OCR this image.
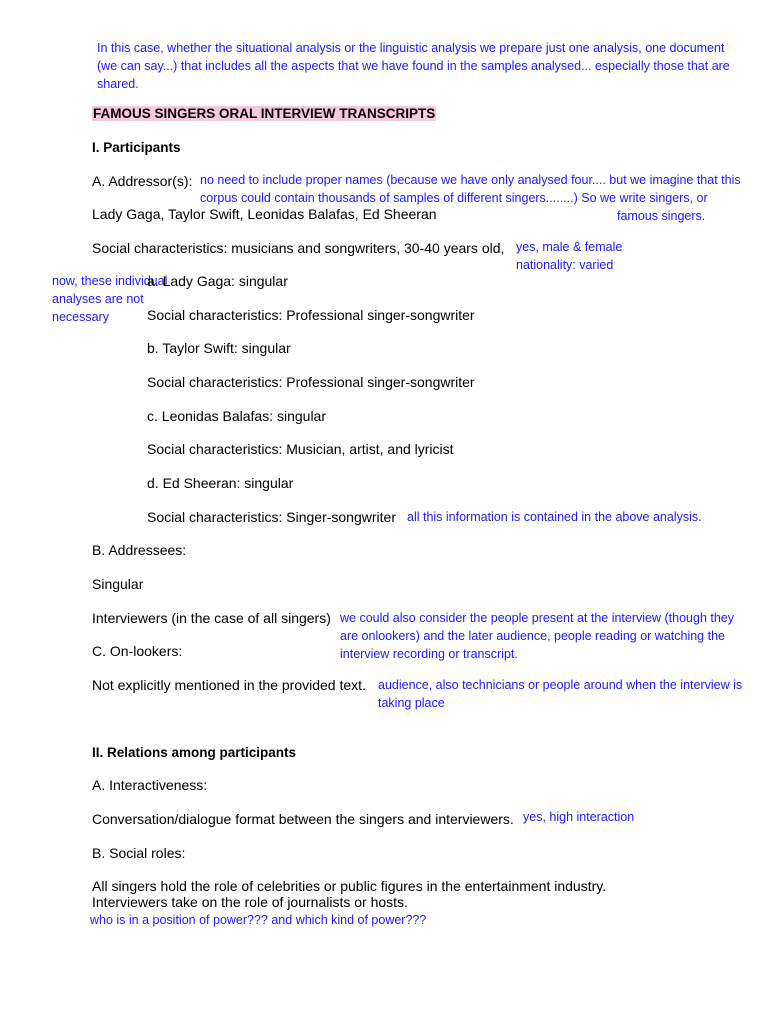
In this case, whether the situational analysis or the linguistic analysis we prepare just one analysis, one document
(we can say...) that includes all the aspects that we have found in the samples analysed... especially those that are
shared.
FAMOUS SINGERS ORAL INTERVIEW TRANSCRIPTS
I. Participants
A. Addressor(s): no need to include proper names (because we have only analysed four.... but we imagine that this
corpus could contain thousands of samples of different singers........) So we write singers, or
famous singers.
Lady Gaga, Taylor Swift, Leonidas Balafas, Ed Sheeran
Social characteristics: musicians and songwriters, 30-40 years old, yes, male & female
nationality: varied
now, these individual
analyses are not
necessary
a. Lady Gaga: singular
Social characteristics: Professional singer-songwriter
b. Taylor Swift: singular
Social characteristics: Professional singer-songwriter
c. Leonidas Balafas: singular
Social characteristics: Musician, artist, and lyricist
d. Ed Sheeran: singular
Social characteristics: Singer-songwriter all this information is contained in the above analysis.
B. Addressees:
Singular
Interviewers (in the case of all singers) we could also consider the people present at the interview (though they
are onlookers) and the later audience, people reading or watching the
interview recording or transcript.
C. On-lookers:
Not explicitly mentioned in the provided text. audience, also technicians or people around when the interview is
taking place
II. Relations among participants
A. Interactiveness:
Conversation/dialogue format between the singers and interviewers. yes, high interaction
B. Social roles:
All singers hold the role of celebrities or public figures in the entertainment industry.
Interviewers take on the role of journalists or hosts.
who is in a position of power??? and which kind of power???
